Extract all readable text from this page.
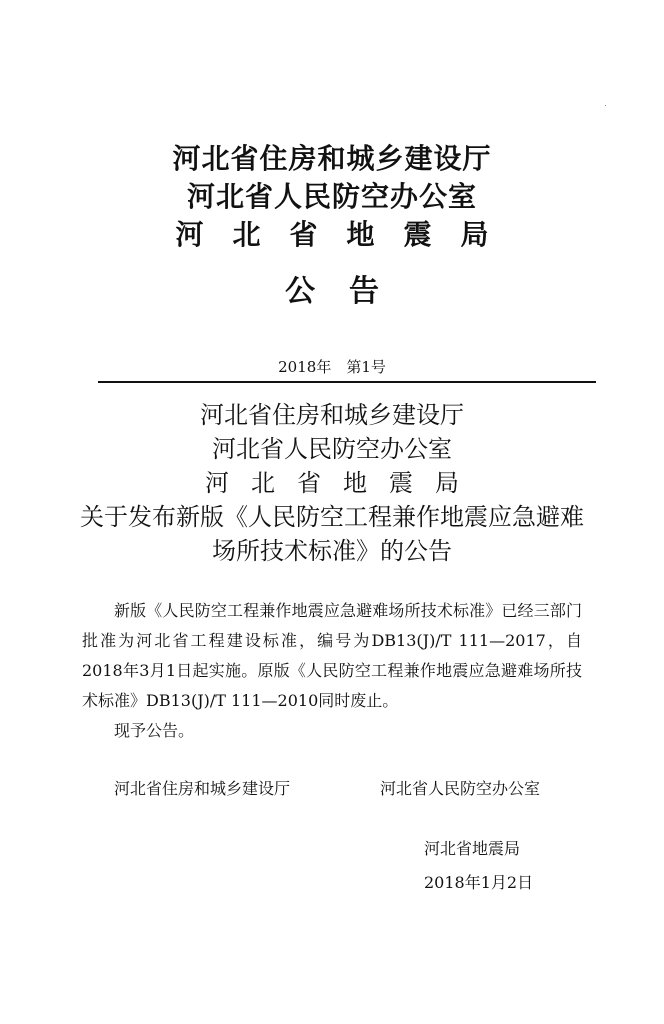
河北省住房和城乡建设厅
河北省人民防空办公室
河北省地震局
公告
2018年　第1号
河北省住房和城乡建设厅
河北省人民防空办公室
河北省地震局
关于发布新版《人民防空工程兼作地震应急避难
场所技术标准》的公告

新版《人民防空工程兼作地震应急避难场所技术标准》已经三部门批准为河北省工程建设标准，编号为DB13(J)/T 111—2017，自2018年3月1日起实施。原版《人民防空工程兼作地震应急避难场所技术标准》DB13(J)/T 111—2010同时废止。

现予公告。

河北省住房和城乡建设厅	河北省人民防空办公室
河北省地震局
2018年1月2日
